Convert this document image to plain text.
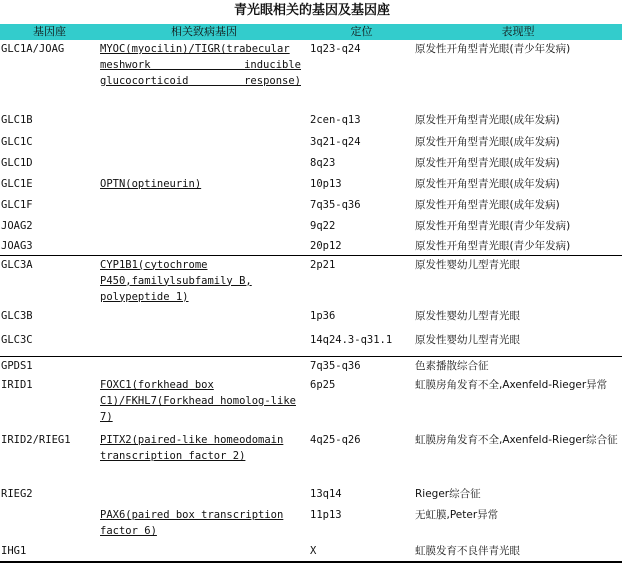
青光眼相关的基因及基因座
基因座	相关致病基因	定位	表现型
GLC1A/JOAG	MYOC(myocilin)/TIGR(trabecular meshwork inducible glucocorticoid response)	1q23-q24	原发性开角型青光眼(青少年发病)
GLC1B		2cen-q13	原发性开角型青光眼(成年发病)
GLC1C		3q21-q24	原发性开角型青光眼(成年发病)
GLC1D		8q23	原发性开角型青光眼(成年发病)
GLC1E	OPTN(optineurin)	10p13	原发性开角型青光眼(成年发病)
GLC1F		7q35-q36	原发性开角型青光眼(成年发病)
JOAG2		9q22	原发性开角型青光眼(青少年发病)
JOAG3		20p12	原发性开角型青光眼(青少年发病)
GLC3A	CYP1B1(cytochrome P450,familylsubfamily B, polypeptide 1)	2p21	原发性婴幼儿型青光眼
GLC3B		1p36	原发性婴幼儿型青光眼
GLC3C		14q24.3-q31.1	原发性婴幼儿型青光眼
GPDS1		7q35-q36	色素播散综合征
IRID1	FOXC1(forkhead box C1)/FKHL7(Forkhead homolog-like 7)	6p25	虹膜房角发育不全,Axenfeld-Rieger异常
IRID2/RIEG1	PITX2(paired-like homeodomain transcription factor 2)	4q25-q26	虹膜房角发育不全,Axenfeld-Rieger综合征
RIEG2		13q14	Rieger综合征
	PAX6(paired box transcription factor 6)	11p13	无虹膜,Peter异常
IHG1		X	虹膜发育不良伴青光眼
